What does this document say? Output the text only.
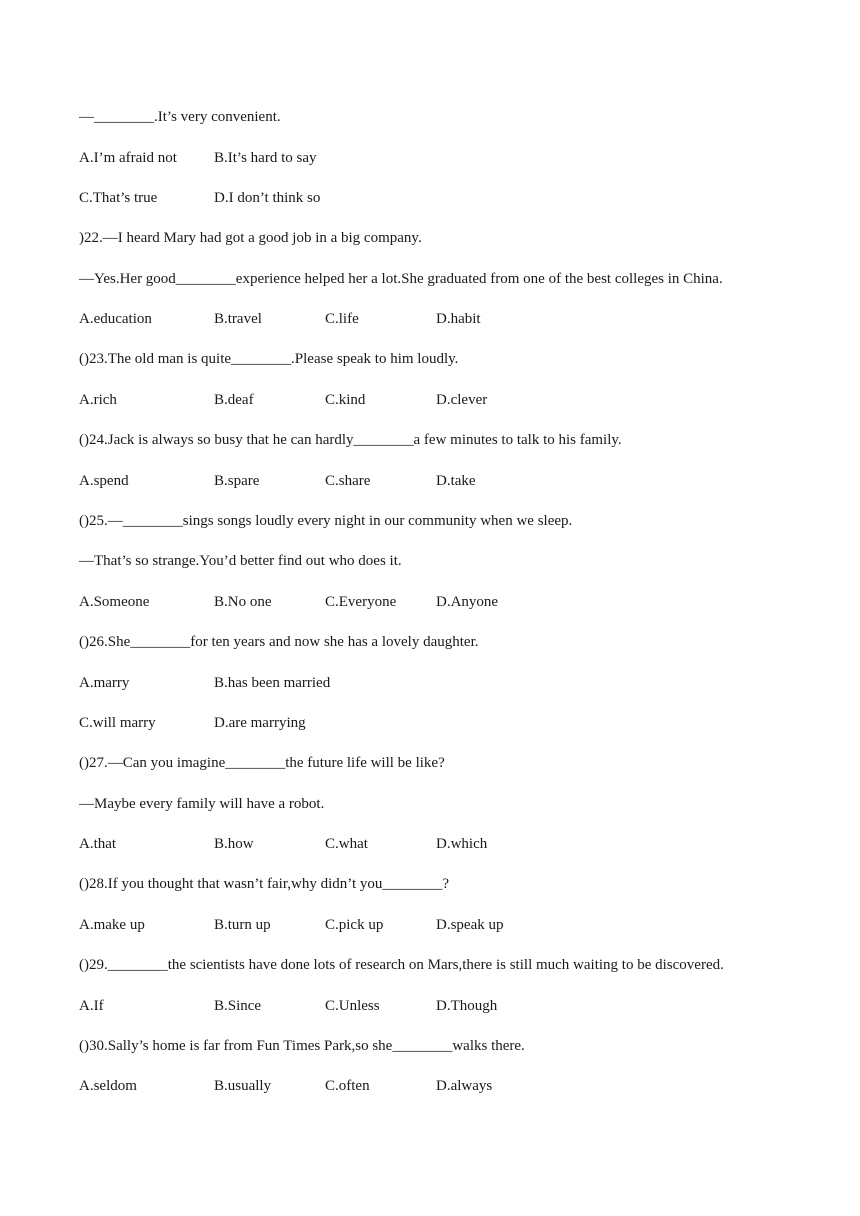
—________.It’s very convenient.
A.I’m afraid not B.It’s hard to say
C.That’s true	D.I don’t think so
)22.—I heard Mary had got a good job in a big company.
—Yes.Her good________experience helped her a lot.She graduated from one of the best colleges in China.
A.education	B.travel	C.life	D.habit
()23.The old man is quite________.Please speak to him loudly.
A.rich	B.deaf	C.kind	D.clever
()24.Jack is always so busy that he can hardly________a few minutes to talk to his family.
A.spend	B.spare	C.share	D.take
()25.—________sings songs loudly every night in our community when we sleep.
—That’s so strange.You’d better find out who does it.
A.Someone	B.No one	C.Everyone	D.Anyone
()26.She________for ten years and now she has a lovely daughter.
A.marry	B.has been married
C.will marry	D.are marrying
()27.—Can you imagine________the future life will be like?
—Maybe every family will have a robot.
A.that	B.how	C.what	D.which
()28.If you thought that wasn’t fair,why didn’t you________?
A.make up	B.turn up	C.pick up	D.speak up
()29.________the scientists have done lots of research on Mars,there is still much waiting to be discovered.
A.If	B.Since	C.Unless	D.Though
()30.Sally’s home is far from Fun Times Park,so she________walks there.
A.seldom	B.usually	C.often	D.always
